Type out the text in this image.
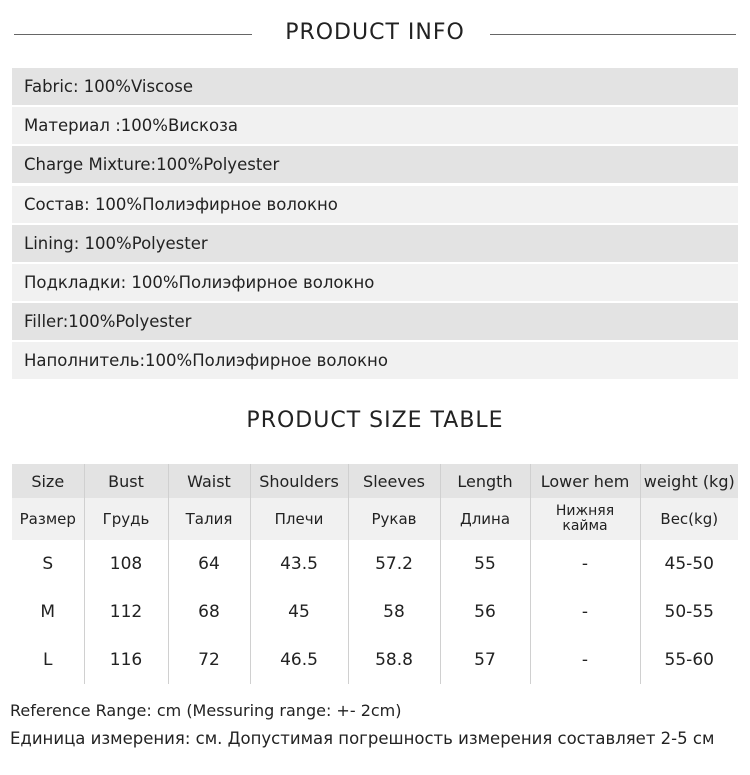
PRODUCT INFO
Fabric: 100%Viscose
Материал :100%Вискоза
Charge Mixture:100%Polyester
Состав: 100%Полиэфирное волокно
Lining: 100%Polyester
Подкладки: 100%Полиэфирное волокно
Filler:100%Polyester
Наполнитель:100%Полиэфирное волокно
PRODUCT SIZE TABLE
Size	Bust	Waist	Shoulders	Sleeves	Length	Lower hem	weight (kg)
Размер	Грудь	Талия	Плечи	Рукав	Длина	Нижняя кайма	Вес(kg)
S	108	64	43.5	57.2	55	-	45-50
M	112	68	45	58	56	-	50-55
L	116	72	46.5	58.8	57	-	55-60
Reference Range: cm (Messuring range: +- 2cm)
Единица измерения: см. Допустимая погрешность измерения составляет 2-5 см
